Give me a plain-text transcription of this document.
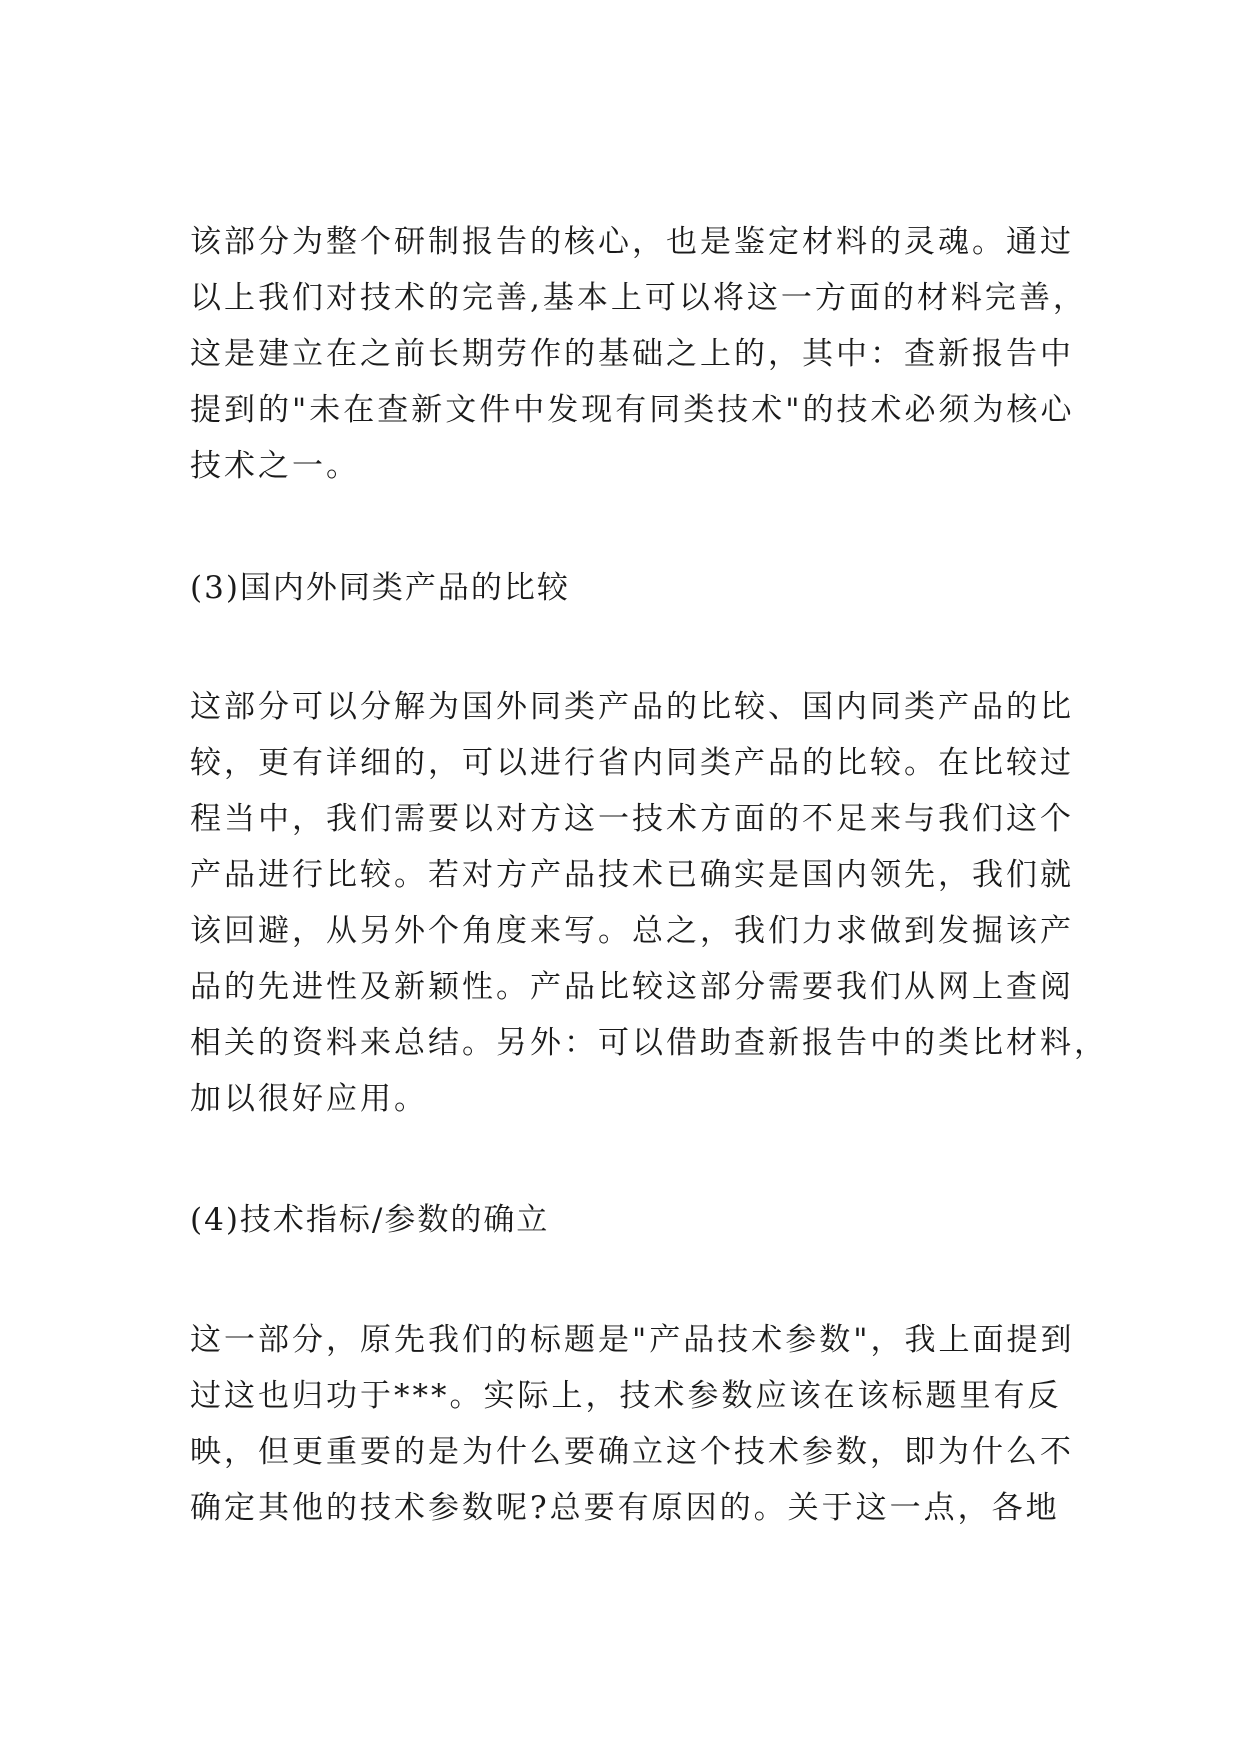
该部分为整个研制报告的核心，也是鉴定材料的灵魂。通过
以上我们对技术的完善,基本上可以将这一方面的材料完善，
这是建立在之前长期劳作的基础之上的，其中：查新报告中
提到的"未在查新文件中发现有同类技术"的技术必须为核心
技术之一。
(3)国内外同类产品的比较
这部分可以分解为国外同类产品的比较、国内同类产品的比
较，更有详细的，可以进行省内同类产品的比较。在比较过
程当中，我们需要以对方这一技术方面的不足来与我们这个
产品进行比较。若对方产品技术已确实是国内领先，我们就
该回避，从另外个角度来写。总之，我们力求做到发掘该产
品的先进性及新颖性。产品比较这部分需要我们从网上查阅
相关的资料来总结。另外：可以借助查新报告中的类比材料，
加以很好应用。
(4)技术指标/参数的确立
这一部分，原先我们的标题是"产品技术参数"，我上面提到
过这也归功于***。实际上，技术参数应该在该标题里有反
映，但更重要的是为什么要确立这个技术参数，即为什么不
确定其他的技术参数呢?总要有原因的。关于这一点，各地
